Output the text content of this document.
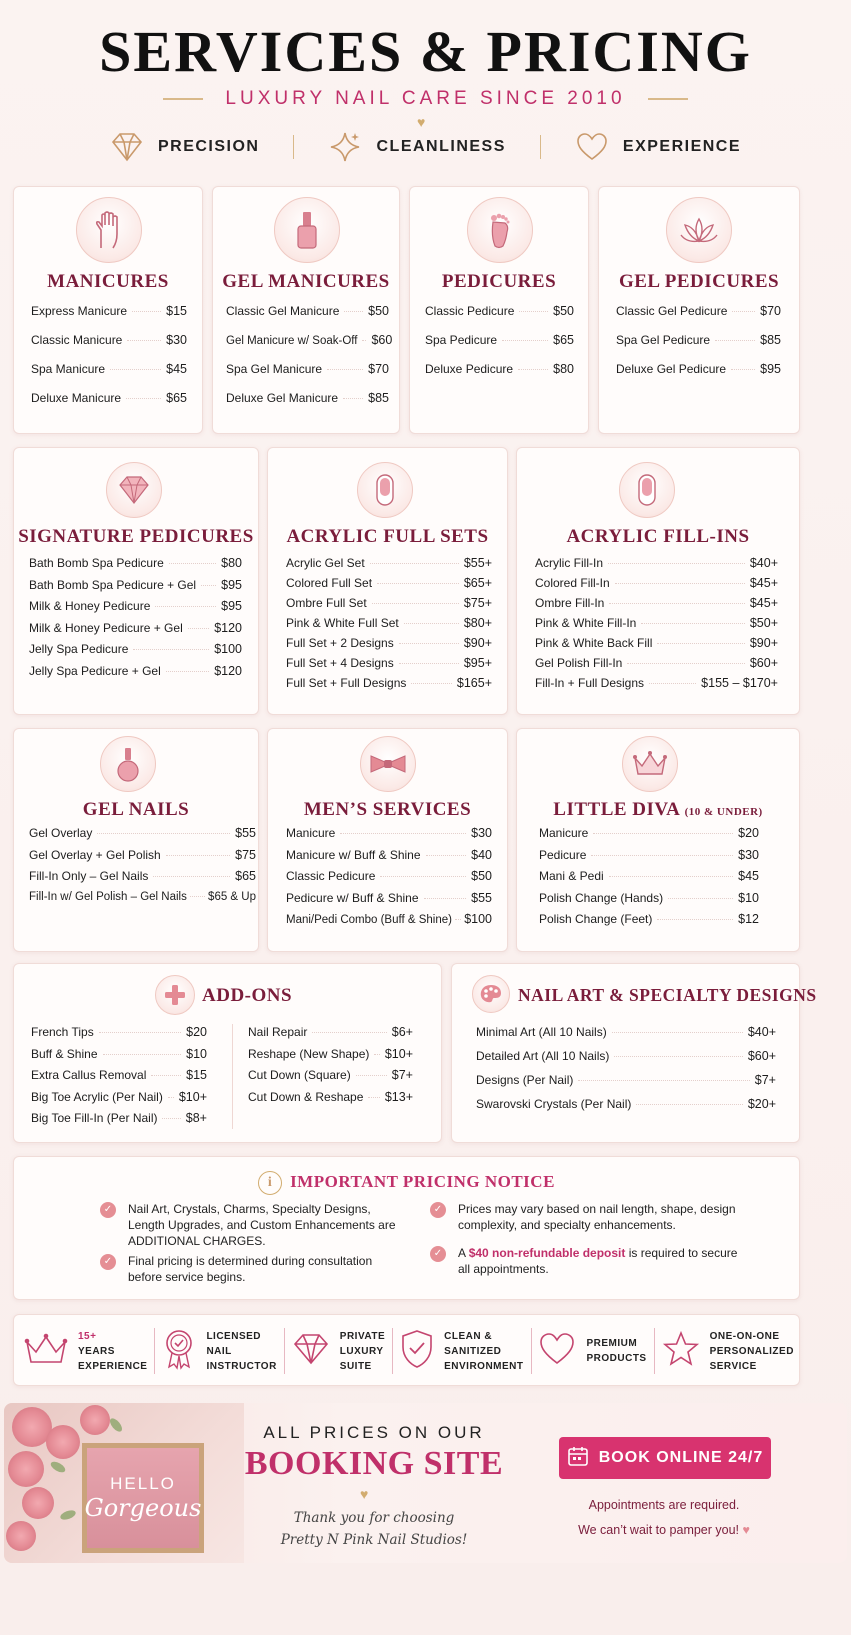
SERVICES & PRICING
LUXURY NAIL CARE SINCE 2010
♥
PRECISION	CLEANLINESS	EXPERIENCE
MANICURES
Express Manicure	$15
Classic Manicure	$30
Spa Manicure	$45
Deluxe Manicure	$65
GEL MANICURES
Classic Gel Manicure $50
Gel Manicure w/ Soak-Off $60
Spa Gel Manicure	$70
Deluxe Gel Manicure $85
PEDICURES
Classic Pedicure	$50
Spa Pedicure	$65
Deluxe Pedicure	$80
GEL PEDICURES
Classic Gel Pedicure	$70
Spa Gel Pedicure	$85
Deluxe Gel Pedicure	$95
SIGNATURE PEDICURES
Bath Bomb Spa Pedicure	$80
Bath Bomb Spa Pedicure + Gel $95
Milk & Honey Pedicure	$95
Milk & Honey Pedicure + Gel	$120
Jelly Spa Pedicure	$100
Jelly Spa Pedicure + Gel	$120
ACRYLIC FULL SETS
Acrylic Gel Set	$55+
Colored Full Set	$65+
Ombre Full Set	$75+
Pink & White Full Set	$80+
Full Set + 2 Designs	$90+
Full Set + 4 Designs	$95+
Full Set + Full Designs	$165+
ACRYLIC FILL-INS
Acrylic Fill-In	$40+
Colored Fill-In	$45+
Ombre Fill-In	$45+
Pink & White Fill-In	$50+
Pink & White Back Fill	$90+
Gel Polish Fill-In	$60+
Fill-In + Full Designs	$155 – $170+
GEL NAILS
Gel Overlay	$55
Gel Overlay + Gel Polish	$75
Fill-In Only – Gel Nails	$65
Fill-In w/ Gel Polish – Gel Nails $65 & Up
MEN’S SERVICES
Manicure	$30
Manicure w/ Buff & Shine	$40
Classic Pedicure	$50
Pedicure w/ Buff & Shine	$55
Mani/Pedi Combo (Buff & Shine) $100
LITTLE DIVA (10 & UNDER)
Manicure	$20
Pedicure	$30
Mani & Pedi	$45
Polish Change (Hands)	$10
Polish Change (Feet)	$12
ADD-ONS
French Tips	$20
Buff & Shine	$10
Extra Callus Removal	$15
Big Toe Acrylic (Per Nail) $10+
Big Toe Fill-In (Per Nail) $8+
Nail Repair	$6+
Reshape (New Shape) $10+
Cut Down (Square)	$7+
Cut Down & Reshape $13+
NAIL ART & SPECIALTY DESIGNS
Minimal Art (All 10 Nails)	$40+
Detailed Art (All 10 Nails)	$60+
Designs (Per Nail)	$7+
Swarovski Crystals (Per Nail)	$20+
i IMPORTANT PRICING NOTICE
✓	Nail Art, Crystals, Charms, Specialty Designs, Length Upgrades, and Custom Enhancements are ADDITIONAL CHARGES.
✓	Final pricing is determined during consultation before service begins.
✓	Prices may vary based on nail length, shape, design complexity, and specialty enhancements.
✓	A $40 non-refundable deposit is required to secure all appointments.
15+
YEARS
EXPERIENCE
LICENSED
NAIL
INSTRUCTOR
PRIVATE
LUXURY
SUITE
CLEAN &
SANITIZED
ENVIRONMENT
PREMIUM
PRODUCTS
ONE-ON-ONE
PERSONALIZED
SERVICE
HELLO
Gorgeous
ALL PRICES ON OUR
BOOKING SITE
♥
Thank you for choosing
Pretty N Pink Nail Studios!
BOOK ONLINE 24/7
Appointments are required.
We can’t wait to pamper you! ♥
